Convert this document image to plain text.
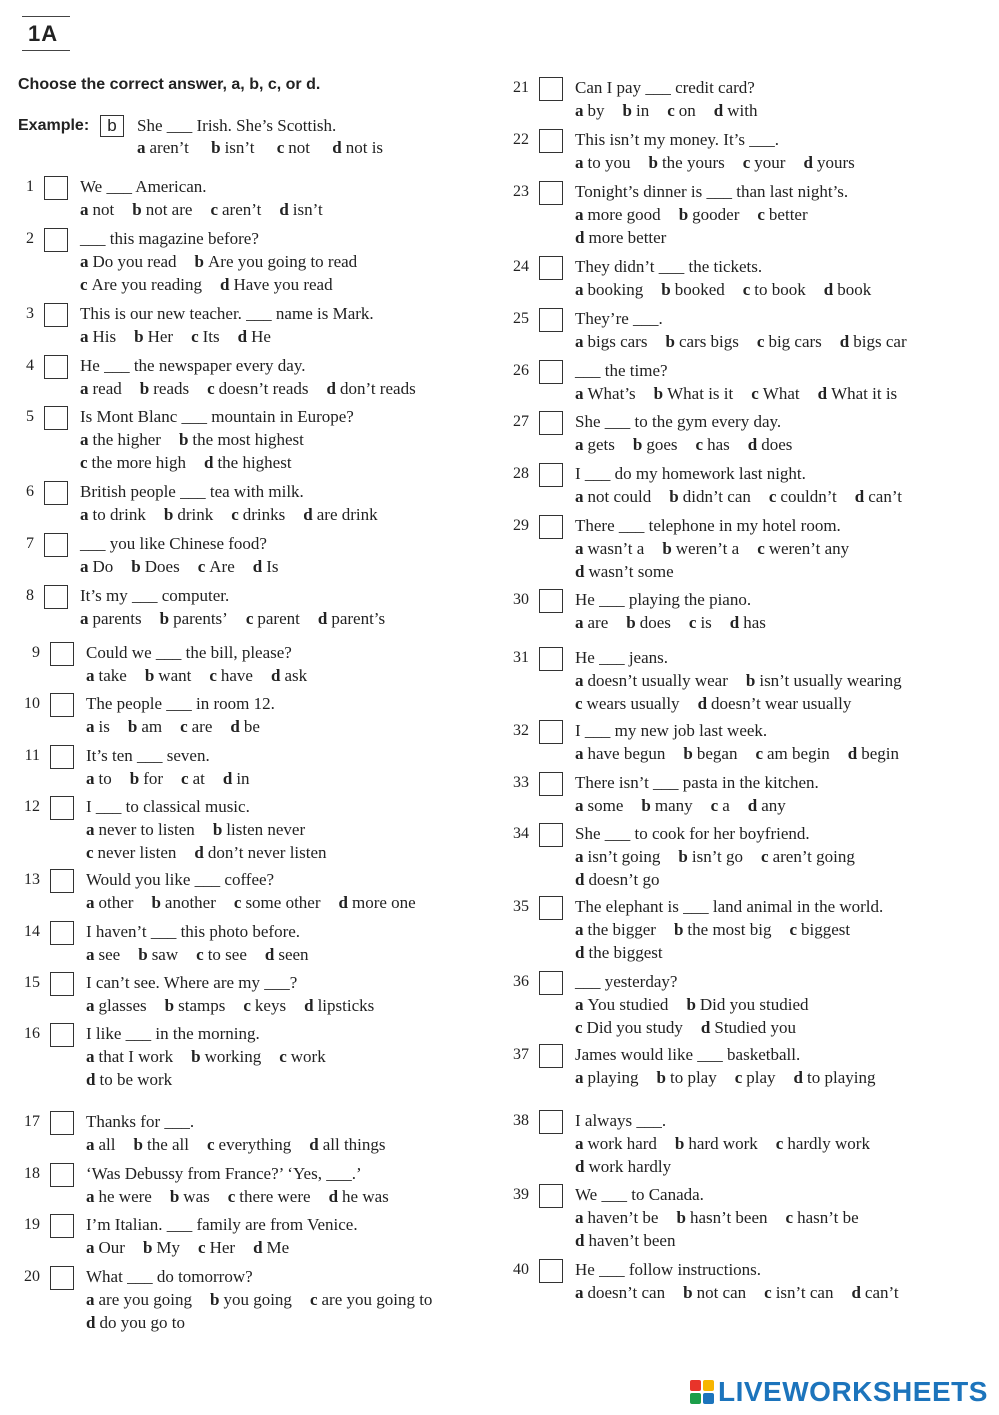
1A
Choose the correct answer, a, b, c, or d.
Example:	b	She ___ Irish. She’s Scottish.
a aren’t b isn’t c not d not is
1	We ___ American.
a not b not are c aren’t d isn’t
2	___ this magazine before?
a Do you read b Are you going to read
c Are you reading d Have you read
3	This is our new teacher. ___ name is Mark.
a His b Her c Its d He
4	He ___ the newspaper every day.
a read b reads c doesn’t reads d don’t reads
5	Is Mont Blanc ___ mountain in Europe?
a the higher b the most highest
c the more high d the highest
6	British people ___ tea with milk.
a to drink b drink c drinks d are drink
7	___ you like Chinese food?
a Do b Does c Are d Is
8	It’s my ___ computer.
a parents b parents’ c parent d parent’s
9	Could we ___ the bill, please?
a take b want c have d ask
10	The people ___ in room 12.
a is b am c are d be
11	It’s ten ___ seven.
a to b for c at d in
12	I ___ to classical music.
a never to listen b listen never
c never listen d don’t never listen
13	Would you like ___ coffee?
a other b another c some other d more one
14	I haven’t ___ this photo before.
a see b saw c to see d seen
15	I can’t see. Where are my ___?
a glasses b stamps c keys d lipsticks
16	I like ___ in the morning.
a that I work b working c work
d to be work
17	Thanks for ___.
a all b the all c everything d all things
18	‘Was Debussy from France?’ ‘Yes, ___.’
a he were b was c there were d he was
19	I’m Italian. ___ family are from Venice.
a Our b My c Her d Me
20	What ___ do tomorrow?
a are you going b you going c are you going to
d do you go to
21	Can I pay ___ credit card?
a by b in c on d with
22	This isn’t my money. It’s ___.
a to you b the yours c your d yours
23	Tonight’s dinner is ___ than last night’s.
a more good b gooder c better
d more better
24	They didn’t ___ the tickets.
a booking b booked c to book d book
25	They’re ___.
a bigs cars b cars bigs c big cars d bigs car
26	___ the time?
a What’s b What is it c What d What it is
27	She ___ to the gym every day.
a gets b goes c has d does
28	I ___ do my homework last night.
a not could b didn’t can c couldn’t d can’t
29	There ___ telephone in my hotel room.
a wasn’t a b weren’t a c weren’t any
d wasn’t some
30	He ___ playing the piano.
a are b does c is d has
31	He ___ jeans.
a doesn’t usually wear b isn’t usually wearing
c wears usually d doesn’t wear usually
32	I ___ my new job last week.
a have begun b began c am begin d begin
33	There isn’t ___ pasta in the kitchen.
a some b many c a d any
34	She ___ to cook for her boyfriend.
a isn’t going b isn’t go c aren’t going
d doesn’t go
35	The elephant is ___ land animal in the world.
a the bigger b the most big c biggest
d the biggest
36	___ yesterday?
a You studied b Did you studied
c Did you study d Studied you
37	James would like ___ basketball.
a playing b to play c play d to playing
38	I always ___.
a work hard b hard work c hardly work
d work hardly
39	We ___ to Canada.
a haven’t be b hasn’t been c hasn’t be
d haven’t been
40	He ___ follow instructions.
a doesn’t can b not can c isn’t can d can’t
LIVEWORKSHEETS
